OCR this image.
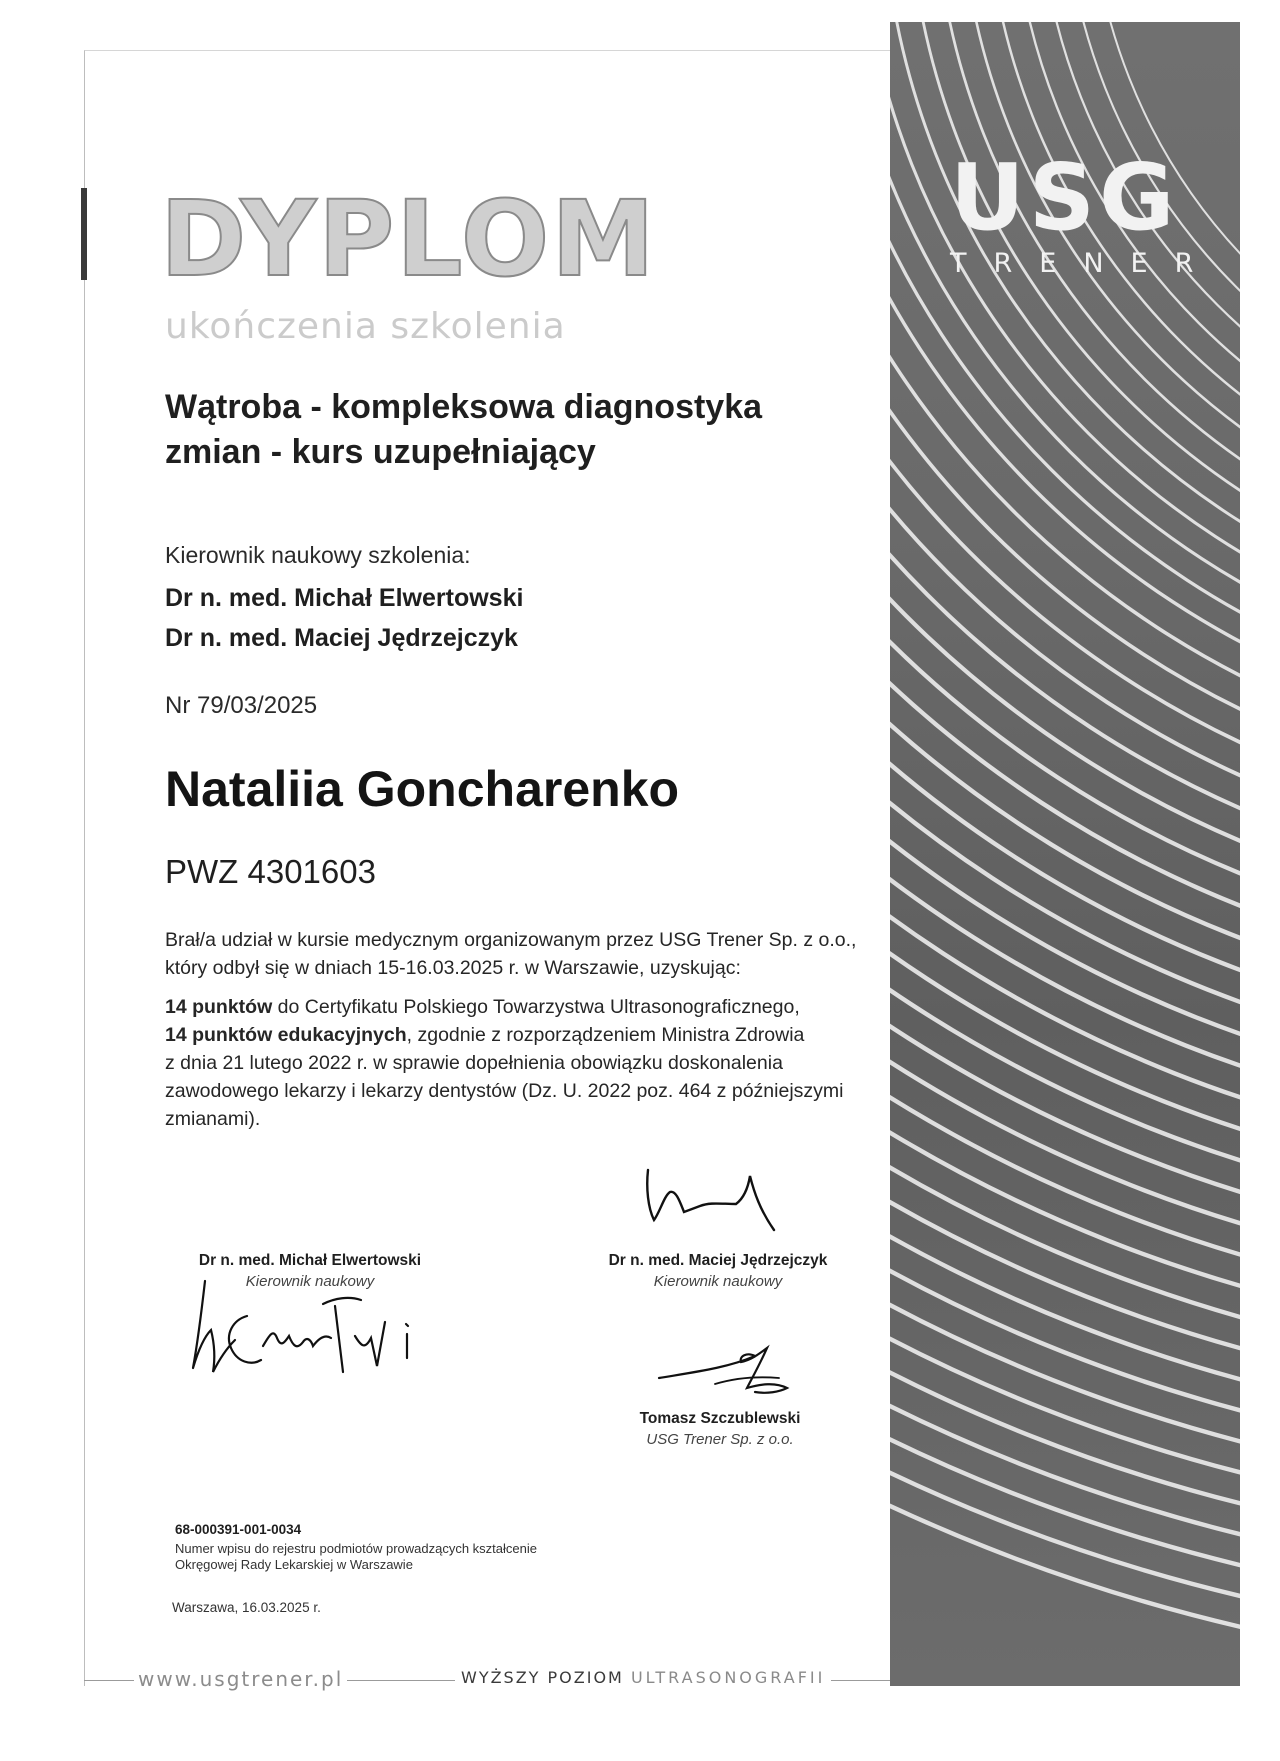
USG
TRENER
DYPLOM
ukończenia szkolenia
Wątroba - kompleksowa diagnostyka
zmian - kurs uzupełniający
Kierownik naukowy szkolenia:
Dr n. med. Michał Elwertowski
Dr n. med. Maciej Jędrzejczyk
Nr 79/03/2025
Nataliia Goncharenko
PWZ 4301603
Brał/a udział w kursie medycznym organizowanym przez USG Trener Sp. z o.o.,
który odbył się w dniach 15-16.03.2025 r. w Warszawie, uzyskując:
14 punktów do Certyfikatu Polskiego Towarzystwa Ultrasonograficznego,
14 punktów edukacyjnych, zgodnie z rozporządzeniem Ministra Zdrowia
z dnia 21 lutego 2022 r. w sprawie dopełnienia obowiązku doskonalenia
zawodowego lekarzy i lekarzy dentystów (Dz. U. 2022 poz. 464 z późniejszymi
zmianami).
Dr n. med. Maciej Jędrzejczyk
Kierownik naukowy
Dr n. med. Michał Elwertowski
Kierownik naukowy
Tomasz Szczublewski
USG Trener Sp. z o.o.
68-000391-001-0034
Numer wpisu do rejestru podmiotów prowadzących kształcenie Okręgowej Rady Lekarskiej w Warszawie
Warszawa, 16.03.2025 r.
www.usgtrener.pl	WYŻSZY POZIOM ULTRASONOGRAFII
